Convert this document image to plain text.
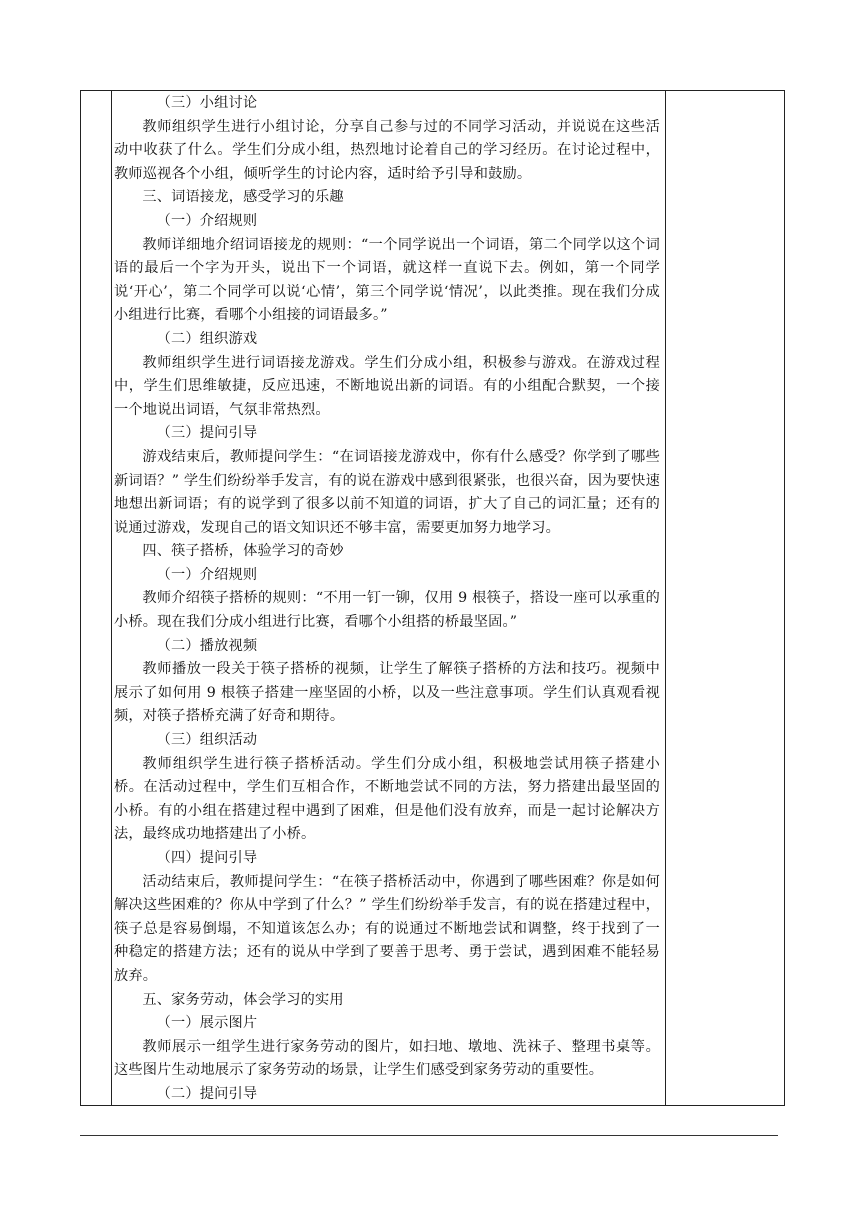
（三）小组讨论

教师组织学生进行小组讨论，分享自己参与过的不同学习活动，并说说在这些活动中收获了什么。学生们分成小组，热烈地讨论着自己的学习经历。在讨论过程中，教师巡视各个小组，倾听学生的讨论内容，适时给予引导和鼓励。

三、词语接龙，感受学习的乐趣

（一）介绍规则

教师详细地介绍词语接龙的规则：“一个同学说出一个词语，第二个同学以这个词语的最后一个字为开头，说出下一个词语，就这样一直说下去。例如，第一个同学说‘开心’，第二个同学可以说‘心情’，第三个同学说‘情况’，以此类推。现在我们分成小组进行比赛，看哪个小组接的词语最多。”

（二）组织游戏

教师组织学生进行词语接龙游戏。学生们分成小组，积极参与游戏。在游戏过程中，学生们思维敏捷，反应迅速，不断地说出新的词语。有的小组配合默契，一个接一个地说出词语，气氛非常热烈。

（三）提问引导

游戏结束后，教师提问学生：“在词语接龙游戏中，你有什么感受？你学到了哪些新词语？” 学生们纷纷举手发言，有的说在游戏中感到很紧张，也很兴奋，因为要快速地想出新词语；有的说学到了很多以前不知道的词语，扩大了自己的词汇量；还有的说通过游戏，发现自己的语文知识还不够丰富，需要更加努力地学习。

四、筷子搭桥，体验学习的奇妙

（一）介绍规则

教师介绍筷子搭桥的规则：“不用一钉一铆，仅用 9 根筷子，搭设一座可以承重的小桥。现在我们分成小组进行比赛，看哪个小组搭的桥最坚固。”

（二）播放视频

教师播放一段关于筷子搭桥的视频，让学生了解筷子搭桥的方法和技巧。视频中展示了如何用 9 根筷子搭建一座坚固的小桥，以及一些注意事项。学生们认真观看视频，对筷子搭桥充满了好奇和期待。

（三）组织活动

教师组织学生进行筷子搭桥活动。学生们分成小组，积极地尝试用筷子搭建小桥。在活动过程中，学生们互相合作，不断地尝试不同的方法，努力搭建出最坚固的小桥。有的小组在搭建过程中遇到了困难，但是他们没有放弃，而是一起讨论解决方法，最终成功地搭建出了小桥。

（四）提问引导

活动结束后，教师提问学生：“在筷子搭桥活动中，你遇到了哪些困难？你是如何解决这些困难的？你从中学到了什么？” 学生们纷纷举手发言，有的说在搭建过程中，筷子总是容易倒塌，不知道该怎么办；有的说通过不断地尝试和调整，终于找到了一种稳定的搭建方法；还有的说从中学到了要善于思考、勇于尝试，遇到困难不能轻易放弃。

五、家务劳动，体会学习的实用

（一）展示图片

教师展示一组学生进行家务劳动的图片，如扫地、墩地、洗袜子、整理书桌等。这些图片生动地展示了家务劳动的场景，让学生们感受到家务劳动的重要性。

（二）提问引导
